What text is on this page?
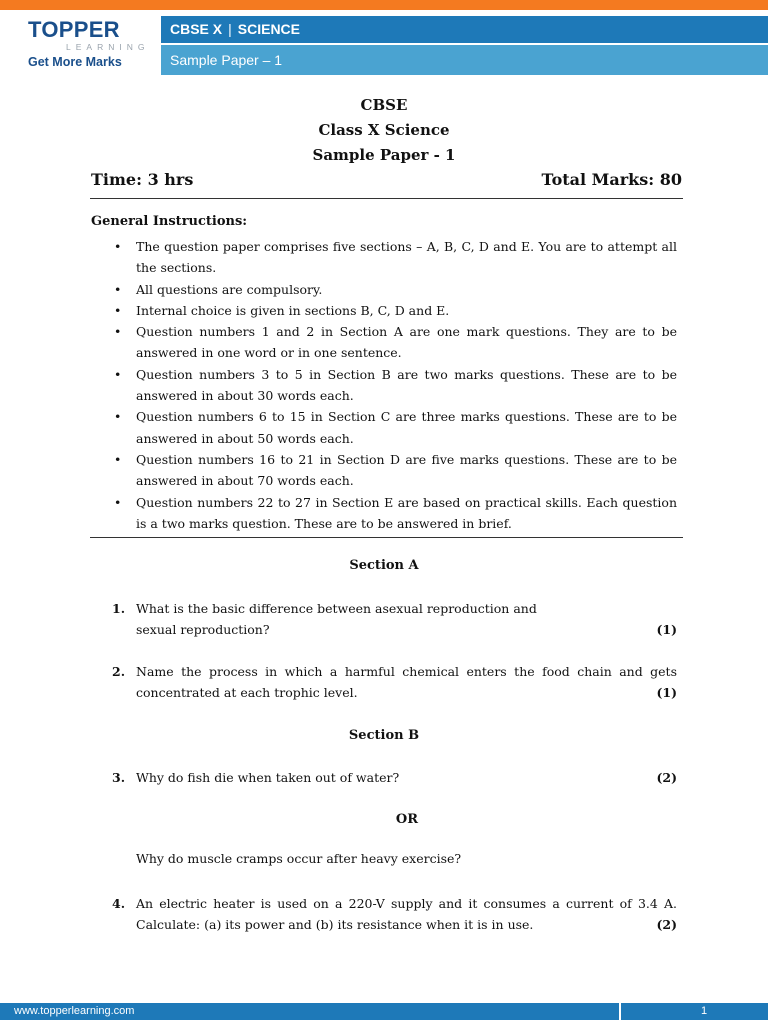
TOPPER
LEARNING
Get More Marks
CBSE X | SCIENCE
Sample Paper – 1
CBSE
Class X Science
Sample Paper - 1
Time: 3 hrs	Total Marks: 80
General Instructions:
• The question paper comprises five sections – A, B, C, D and E. You are to attempt all the sections.
• All questions are compulsory.
• Internal choice is given in sections B, C, D and E.
• Question numbers 1 and 2 in Section A are one mark questions. They are to be answered in one word or in one sentence.
• Question numbers 3 to 5 in Section B are two marks questions. These are to be answered in about 30 words each.
• Question numbers 6 to 15 in Section C are three marks questions. These are to be answered in about 50 words each.
• Question numbers 16 to 21 in Section D are five marks questions. These are to be answered in about 70 words each.
• Question numbers 22 to 27 in Section E are based on practical skills. Each question is a two marks question. These are to be answered in brief.
Section A
1. What is the basic difference between asexual reproduction and sexual reproduction?	(1)
2. Name the process in which a harmful chemical enters the food chain and gets concentrated at each trophic level.	(1)
Section B
3. Why do fish die when taken out of water?	(2)
OR
Why do muscle cramps occur after heavy exercise?
4. An electric heater is used on a 220-V supply and it consumes a current of 3.4 A. Calculate: (a) its power and (b) its resistance when it is in use.	(2)
www.topperlearning.com	1
